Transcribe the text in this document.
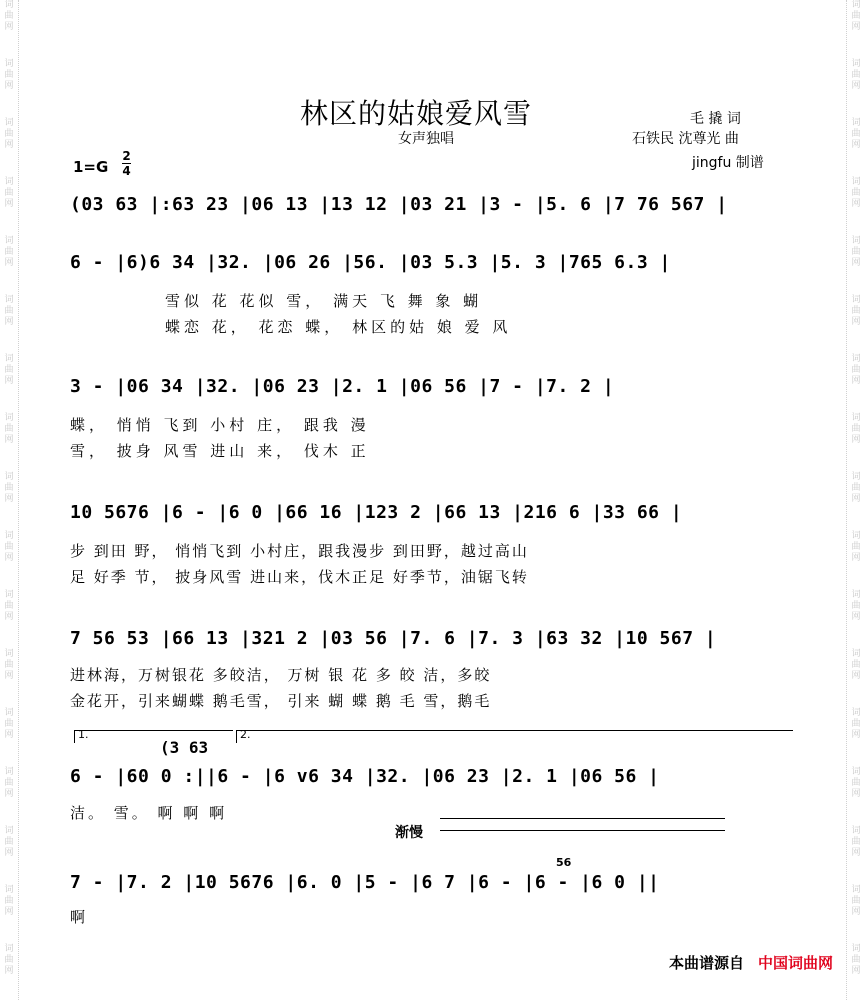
词
曲
网
词
曲
网
词
曲
网
词
曲
网
词
曲
网
词
曲
网
词
曲
网
词
曲
网
词
曲
网
词
曲
网
词
曲
网
词
曲
网
词
曲
网
词
曲
网
词
曲
网
词
曲
网
词
曲
网
词
曲
网
词
曲
网
词
曲
网
词
曲
网
词
曲
网
词
曲
网
词
曲
网
词
曲
网
词
曲
网
词
曲
网
词
曲
网
词
曲
网
词
曲
网
词
曲
网
词
曲
网
词
曲
网
词
曲
网
林区的姑娘爱风雪
女声独唱
毛 撬 词
石铁民 沈尊光 曲
jingfu 制谱
1=G
2
4
(03 63 |:63 23 |06 13 |13 12 |03 21 |3 - |5. 6 |7 76 567 |
6 - |6)6 34 |32. |06 26 |56. |03 5.3 |5. 3 |765 6.3 |
雪似 花 花似 雪， 满天 飞 舞 象 蝴
蝶恋 花， 花恋 蝶， 林区的姑 娘 爱 风
3 - |06 34 |32. |06 23 |2. 1 |06 56 |7 - |7. 2 |
蝶， 悄悄 飞到 小村 庄， 跟我 漫
雪， 披身 风雪 进山 来， 伐木 正
10 5676 |6 - |6 0 |66 16 |123 2 |66 13 |216 6 |33 66 |
步 到田 野， 悄悄飞到 小村庄，跟我漫步 到田野，越过高山
足 好季 节， 披身风雪 进山来，伐木正足 好季节，油锯飞转
7 56 53 |66 13 |321 2 |03 56 |7. 6 |7. 3 |63 32 |10 567 |
进林海，万树银花 多皎洁， 万树 银 花 多 皎 洁，多皎
金花开，引来蝴蝶 鹅毛雪， 引来 蝴 蝶 鹅 毛 雪，鹅毛
1.	2.
(3 63
6 - |60 0 :||6 - |6 v6 34 |32. |06 23 |2. 1 |06 56 |
洁。 雪。 啊 啊 啊
渐慢
56
7 - |7. 2 |10 5676 |6. 0 |5 - |6 7 |6 - |6 - |6 0 ||
啊
本曲谱源自 中国词曲网
